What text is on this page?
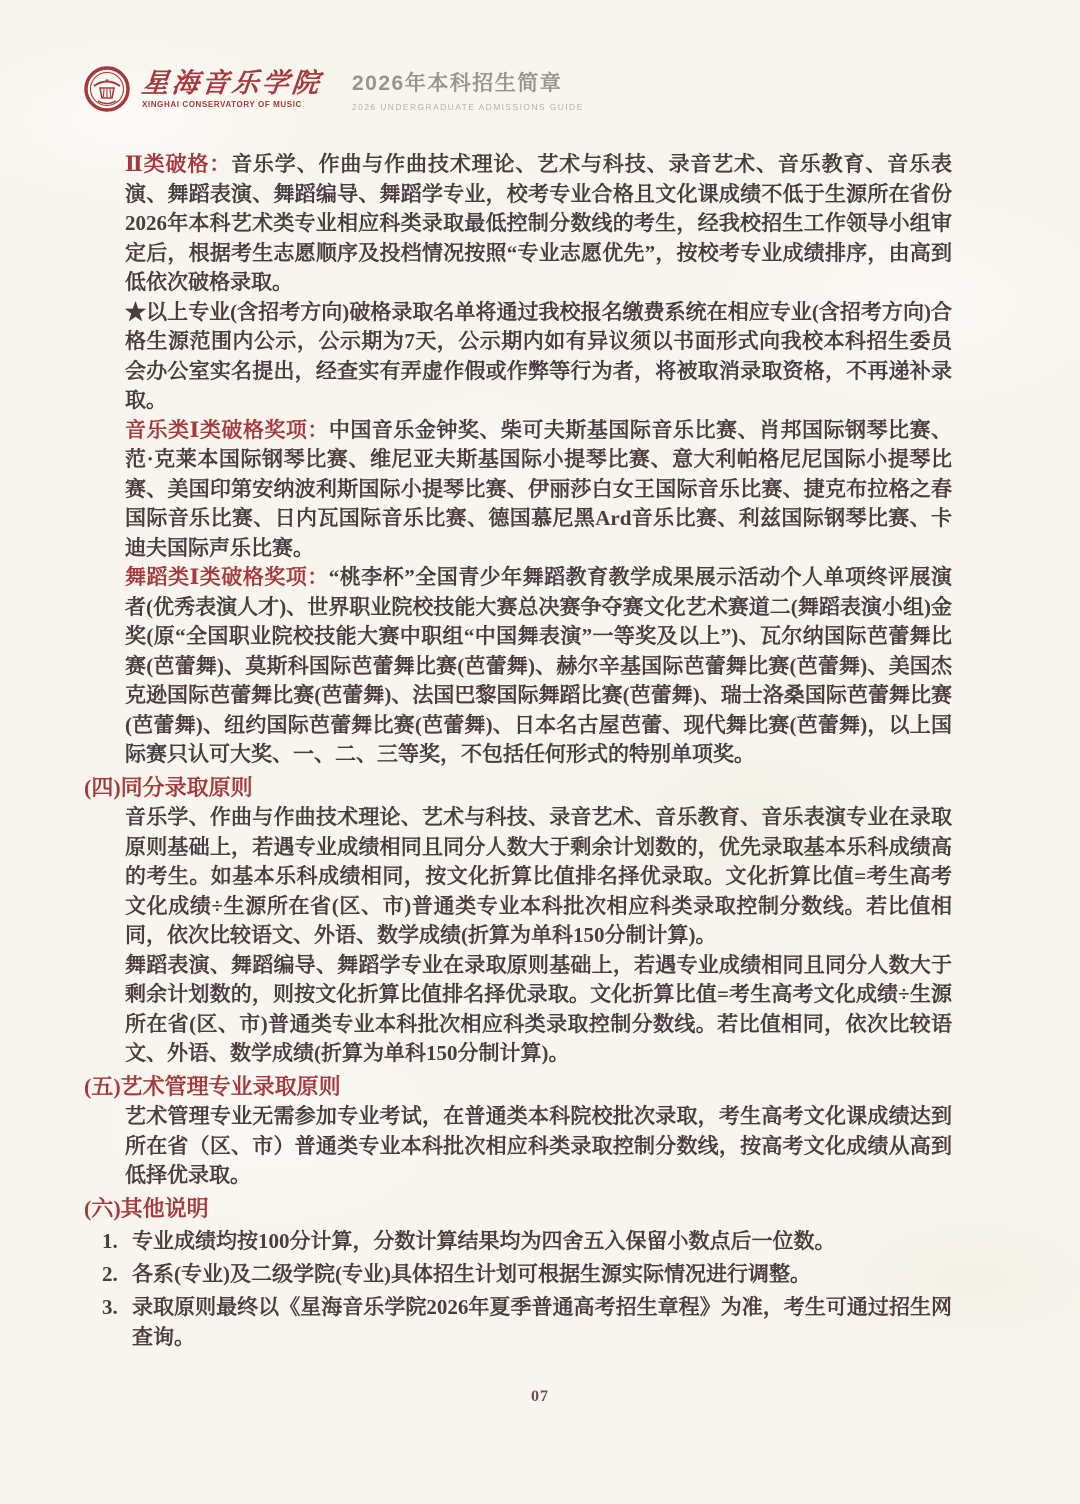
星海音乐学院
XINGHAI CONSERVATORY OF MUSIC
2026年本科招生简章
2026 UNDERGRADUATE ADMISSIONS GUIDE

Ⅱ类破格：音乐学、作曲与作曲技术理论、艺术与科技、录音艺术、音乐教育、音乐表演、舞蹈表演、舞蹈编导、舞蹈学专业，校考专业合格且文化课成绩不低于生源所在省份2026年本科艺术类专业相应科类录取最低控制分数线的考生，经我校招生工作领导小组审定后，根据考生志愿顺序及投档情况按照“专业志愿优先”，按校考专业成绩排序，由高到低依次破格录取。

★以上专业(含招考方向)破格录取名单将通过我校报名缴费系统在相应专业(含招考方向)合格生源范围内公示，公示期为7天，公示期内如有异议须以书面形式向我校本科招生委员会办公室实名提出，经查实有弄虚作假或作弊等行为者，将被取消录取资格，不再递补录取。

音乐类Ⅰ类破格奖项：中国音乐金钟奖、柴可夫斯基国际音乐比赛、肖邦国际钢琴比赛、范·克莱本国际钢琴比赛、维尼亚夫斯基国际小提琴比赛、意大利帕格尼尼国际小提琴比赛、美国印第安纳波利斯国际小提琴比赛、伊丽莎白女王国际音乐比赛、捷克布拉格之春国际音乐比赛、日内瓦国际音乐比赛、德国慕尼黑Ard音乐比赛、利兹国际钢琴比赛、卡迪夫国际声乐比赛。

舞蹈类Ⅰ类破格奖项：“桃李杯”全国青少年舞蹈教育教学成果展示活动个人单项终评展演者(优秀表演人才)、世界职业院校技能大赛总决赛争夺赛文化艺术赛道二(舞蹈表演小组)金奖(原“全国职业院校技能大赛中职组“中国舞表演”一等奖及以上”)、瓦尔纳国际芭蕾舞比赛(芭蕾舞)、莫斯科国际芭蕾舞比赛(芭蕾舞)、赫尔辛基国际芭蕾舞比赛(芭蕾舞)、美国杰克逊国际芭蕾舞比赛(芭蕾舞)、法国巴黎国际舞蹈比赛(芭蕾舞)、瑞士洛桑国际芭蕾舞比赛(芭蕾舞)、纽约国际芭蕾舞比赛(芭蕾舞)、日本名古屋芭蕾、现代舞比赛(芭蕾舞)，以上国际赛只认可大奖、一、二、三等奖，不包括任何形式的特别单项奖。

(四)同分录取原则

音乐学、作曲与作曲技术理论、艺术与科技、录音艺术、音乐教育、音乐表演专业在录取原则基础上，若遇专业成绩相同且同分人数大于剩余计划数的，优先录取基本乐科成绩高的考生。如基本乐科成绩相同，按文化折算比值排名择优录取。文化折算比值=考生高考文化成绩÷生源所在省(区、市)普通类专业本科批次相应科类录取控制分数线。若比值相同，依次比较语文、外语、数学成绩(折算为单科150分制计算)。

舞蹈表演、舞蹈编导、舞蹈学专业在录取原则基础上，若遇专业成绩相同且同分人数大于剩余计划数的，则按文化折算比值排名择优录取。文化折算比值=考生高考文化成绩÷生源所在省(区、市)普通类专业本科批次相应科类录取控制分数线。若比值相同，依次比较语文、外语、数学成绩(折算为单科150分制计算)。

(五)艺术管理专业录取原则

艺术管理专业无需参加专业考试，在普通类本科院校批次录取，考生高考文化课成绩达到所在省（区、市）普通类专业本科批次相应科类录取控制分数线，按高考文化成绩从高到低择优录取。

(六)其他说明
1. 专业成绩均按100分计算，分数计算结果均为四舍五入保留小数点后一位数。
2. 各系(专业)及二级学院(专业)具体招生计划可根据生源实际情况进行调整。
3. 录取原则最终以《星海音乐学院2026年夏季普通高考招生章程》为准，考生可通过招生网查询。
07
